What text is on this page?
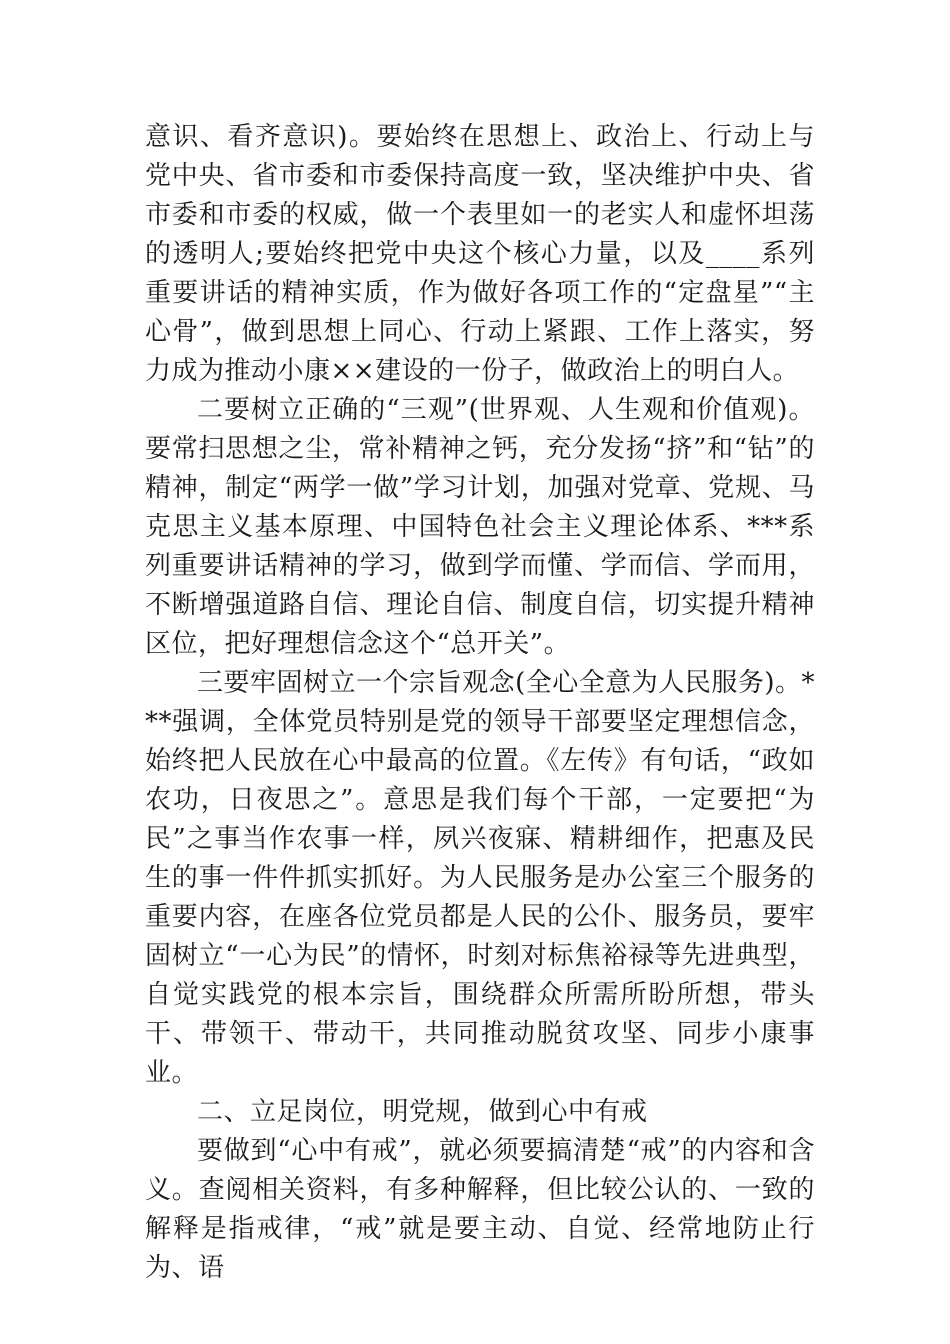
意识、看齐意识)。要始终在思想上、政治上、行动上与党中央、省市委和市委保持高度一致，坚决维护中央、省市委和市委的权威，做一个表里如一的老实人和虚怀坦荡的透明人;要始终把党中央这个核心力量，以及____系列重要讲话的精神实质，作为做好各项工作的“定盘星”“主心骨”，做到思想上同心、行动上紧跟、工作上落实，努力成为推动小康××建设的一份子，做政治上的明白人。

二要树立正确的“三观”(世界观、人生观和价值观)。要常扫思想之尘，常补精神之钙，充分发扬“挤”和“钻”的精神，制定“两学一做”学习计划，加强对党章、党规、马克思主义基本原理、中国特色社会主义理论体系、***系列重要讲话精神的学习，做到学而懂、学而信、学而用，不断增强道路自信、理论自信、制度自信，切实提升精神区位，把好理想信念这个“总开关”。

三要牢固树立一个宗旨观念(全心全意为人民服务)。***强调，全体党员特别是党的领导干部要坚定理想信念，始终把人民放在心中最高的位置。《左传》有句话，“政如农功，日夜思之”。意思是我们每个干部，一定要把“为民”之事当作农事一样，夙兴夜寐、精耕细作，把惠及民生的事一件件抓实抓好。为人民服务是办公室三个服务的重要内容，在座各位党员都是人民的公仆、服务员，要牢固树立“一心为民”的情怀，时刻对标焦裕禄等先进典型，自觉实践党的根本宗旨，围绕群众所需所盼所想，带头干、带领干、带动干，共同推动脱贫攻坚、同步小康事业。

二、立足岗位，明党规，做到心中有戒

要做到“心中有戒”，就必须要搞清楚“戒”的内容和含义。查阅相关资料，有多种解释，但比较公认的、一致的解释是指戒律，“戒”就是要主动、自觉、经常地防止行为、语
